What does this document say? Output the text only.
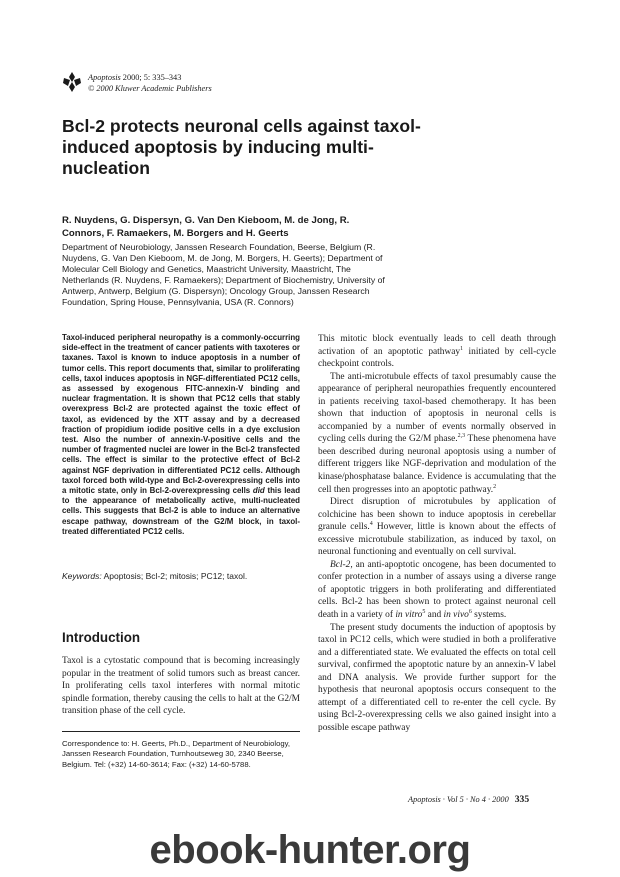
Apoptosis 2000; 5: 335–343
© 2000 Kluwer Academic Publishers
Bcl-2 protects neuronal cells against taxol-induced apoptosis by inducing multi-nucleation
R. Nuydens, G. Dispersyn, G. Van Den Kieboom, M. de Jong, R. Connors, F. Ramaekers, M. Borgers and H. Geerts
Department of Neurobiology, Janssen Research Foundation, Beerse, Belgium (R. Nuydens, G. Van Den Kieboom, M. de Jong, M. Borgers, H. Geerts); Department of Molecular Cell Biology and Genetics, Maastricht University, Maastricht, The Netherlands (R. Nuydens, F. Ramaekers); Department of Biochemistry, University of Antwerp, Antwerp, Belgium (G. Dispersyn); Oncology Group, Janssen Research Foundation, Spring House, Pennsylvania, USA (R. Connors)
Taxol-induced peripheral neuropathy is a commonly-occurring side-effect in the treatment of cancer patients with taxoteres or taxanes. Taxol is known to induce apoptosis in a number of tumor cells. This report documents that, similar to proliferating cells, taxol induces apoptosis in NGF-differentiated PC12 cells, as assessed by exogenous FITC-annexin-V binding and nuclear fragmentation. It is shown that PC12 cells that stably overexpress Bcl-2 are protected against the toxic effect of taxol, as evidenced by the XTT assay and by a decreased fraction of propidium iodide positive cells in a dye exclusion test. Also the number of annexin-V-positive cells and the number of fragmented nuclei are lower in the Bcl-2 transfected cells. The effect is similar to the protective effect of Bcl-2 against NGF deprivation in differentiated PC12 cells. Although taxol forced both wild-type and Bcl-2-overexpressing cells into a mitotic state, only in Bcl-2-overexpressing cells did this lead to the appearance of metabolically active, multi-nucleated cells. This suggests that Bcl-2 is able to induce an alternative escape pathway, downstream of the G2/M block, in taxol-treated differentiated PC12 cells.
Keywords: Apoptosis; Bcl-2; mitosis; PC12; taxol.
Introduction
Taxol is a cytostatic compound that is becoming increasingly popular in the treatment of solid tumors such as breast cancer. In proliferating cells taxol interferes with normal mitotic spindle formation, thereby causing the cells to halt at the G2/M transition phase of the cell cycle.
Correspondence to: H. Geerts, Ph.D., Department of Neurobiology, Janssen Research Foundation, Turnhoutseweg 30, 2340 Beerse, Belgium. Tel: (+32) 14-60-3614; Fax: (+32) 14-60-5788.

This mitotic block eventually leads to cell death through activation of an apoptotic pathway$^1$ initiated by cell-cycle checkpoint controls.

The anti-microtubule effects of taxol presumably cause the appearance of peripheral neuropathies frequently encountered in patients receiving taxol-based chemotherapy. It has been shown that induction of apoptosis in neuronal cells is accompanied by a number of events normally observed in cycling cells during the G2/M phase.$^{2,3}$ These phenomena have been described during neuronal apoptosis using a number of different triggers like NGF-deprivation and modulation of the kinase/phosphatase balance. Evidence is accumulating that the cell then progresses into an apoptotic pathway.$^2$

Direct disruption of microtubules by application of colchicine has been shown to induce apoptosis in cerebellar granule cells.$^4$ However, little is known about the effects of excessive microtubule stabilization, as induced by taxol, on neuronal functioning and eventually on cell survival.

Bcl-2, an anti-apoptotic oncogene, has been documented to confer protection in a number of assays using a diverse range of apoptotic triggers in both proliferating and differentiated cells. Bcl-2 has been shown to protect against neuronal cell death in a variety of in vitro$^5$ and in vivo$^6$ systems.

The present study documents the induction of apoptosis by taxol in PC12 cells, which were studied in both a proliferative and a differentiated state. We evaluated the effects on total cell survival, confirmed the apoptotic nature by an annexin-V label and DNA analysis. We provide further support for the hypothesis that neuronal apoptosis occurs consequent to the attempt of a differentiated cell to re-enter the cell cycle. By using Bcl-2-overexpressing cells we also gained insight into a possible escape pathway

Apoptosis · Vol 5 · No 4 · 2000 335
ebook-hunter.org
